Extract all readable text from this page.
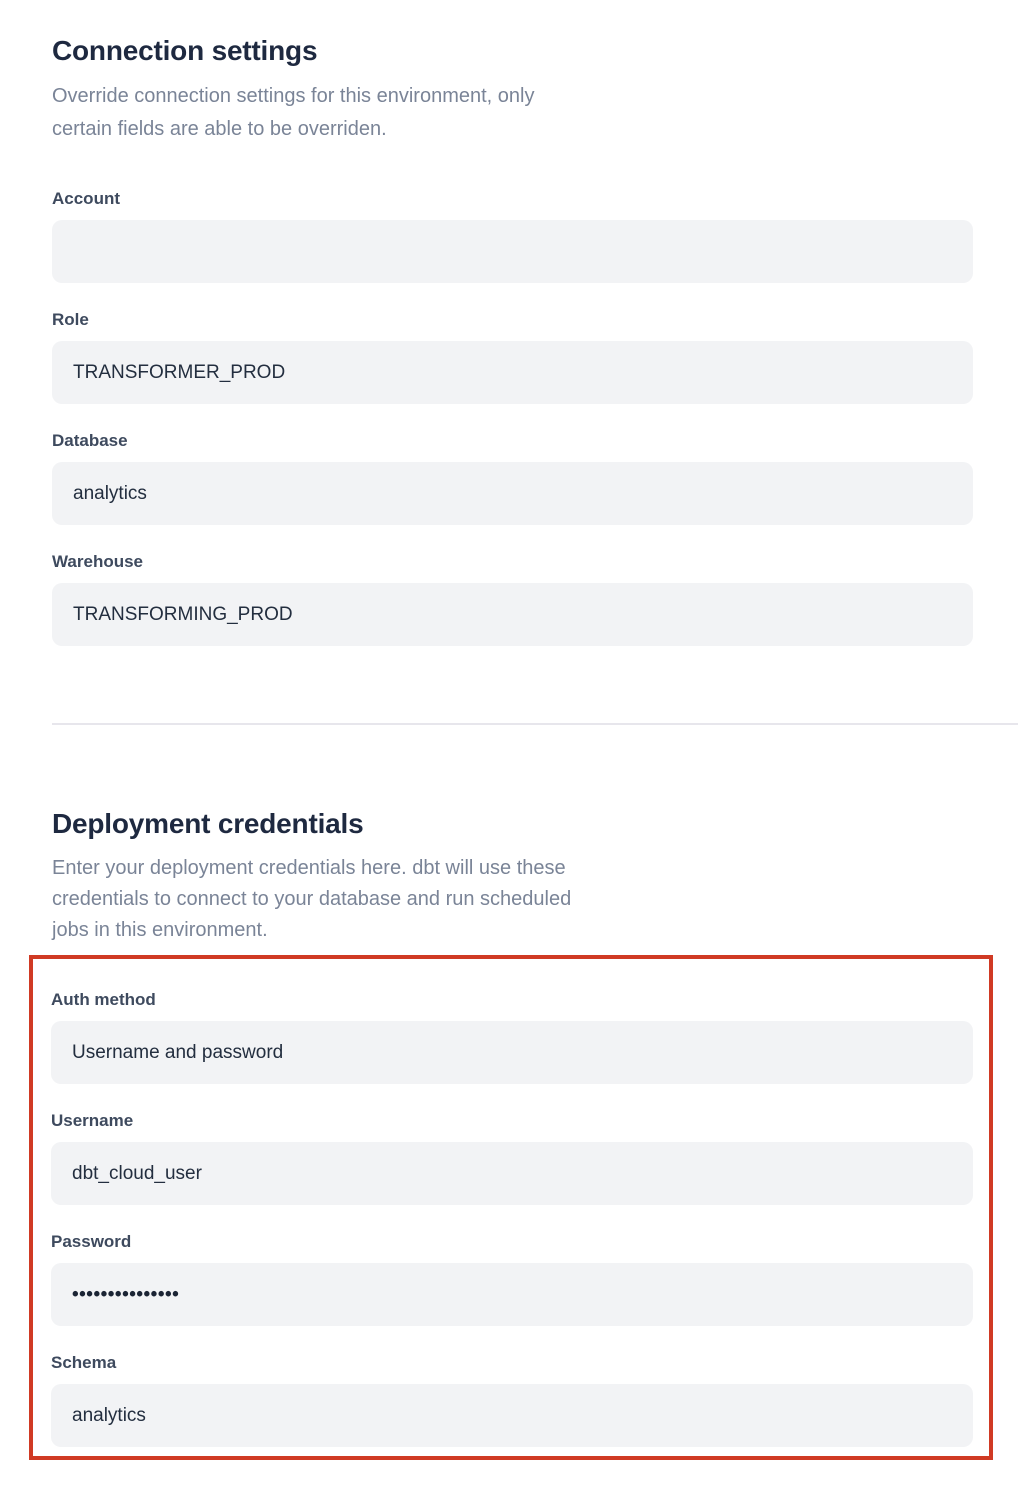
Connection settings

Override connection settings for this environment, only certain fields are able to be overriden.

Account
Role
TRANSFORMER_PROD
Database
analytics
Warehouse
TRANSFORMING_PROD
Deployment credentials

Enter your deployment credentials here. dbt will use these credentials to connect to your database and run scheduled jobs in this environment.

Auth method
Username and password
Username
dbt_cloud_user
Password
•••••••••••••••
Schema
analytics
